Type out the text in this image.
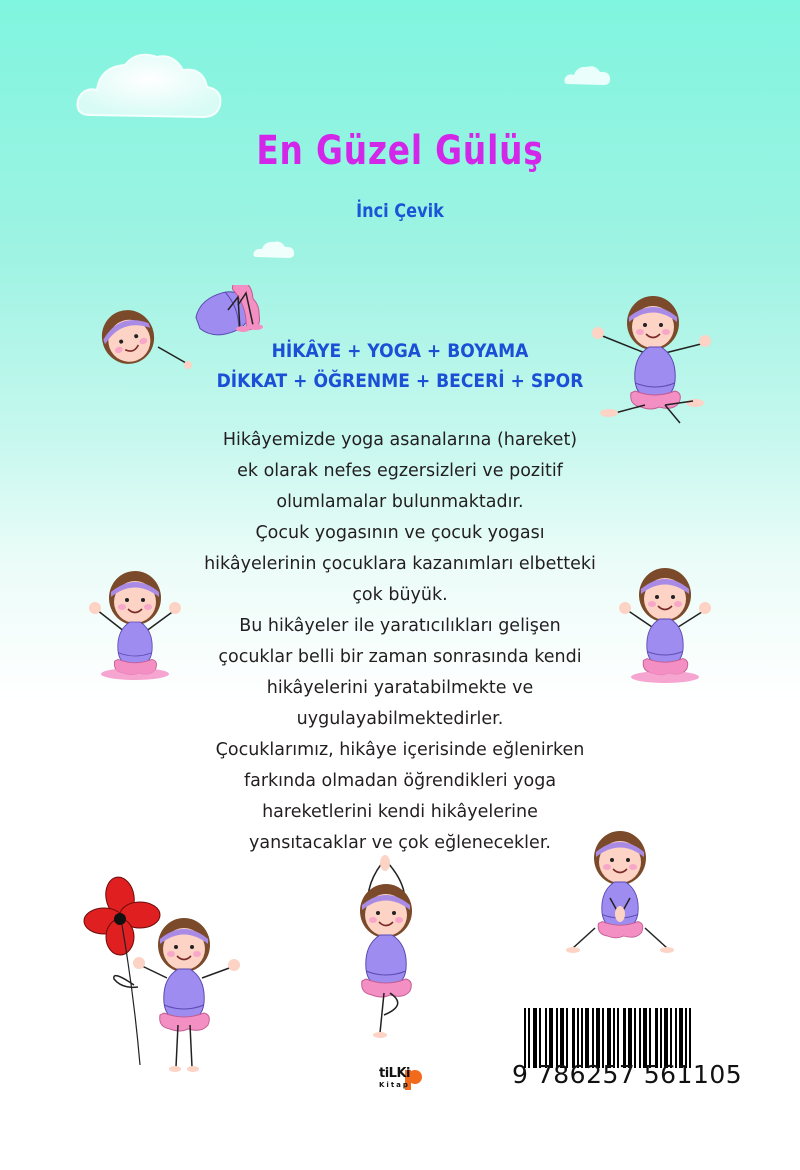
En Güzel Gülüş
İnci Çevik
HİKÂYE + YOGA + BOYAMA
DİKKAT + ÖĞRENME + BECERİ + SPOR
Hikâyemizde yoga asanalarına (hareket)
ek olarak nefes egzersizleri ve pozitif
olumlamalar bulunmaktadır.
Çocuk yogasının ve çocuk yogası
hikâyelerinin çocuklara kazanımları elbetteki
çok büyük.
Bu hikâyeler ile yaratıcılıkları gelişen
çocuklar belli bir zaman sonrasında kendi
hikâyelerini yaratabilmekte ve
uygulayabilmektedirler.
Çocuklarımız, hikâye içerisinde eğlenirken
farkında olmadan öğrendikleri yoga
hareketlerini kendi hikâyelerine
yansıtacaklar ve çok eğlenecekler.
tiLKi
Kitap	9 786257 561105
